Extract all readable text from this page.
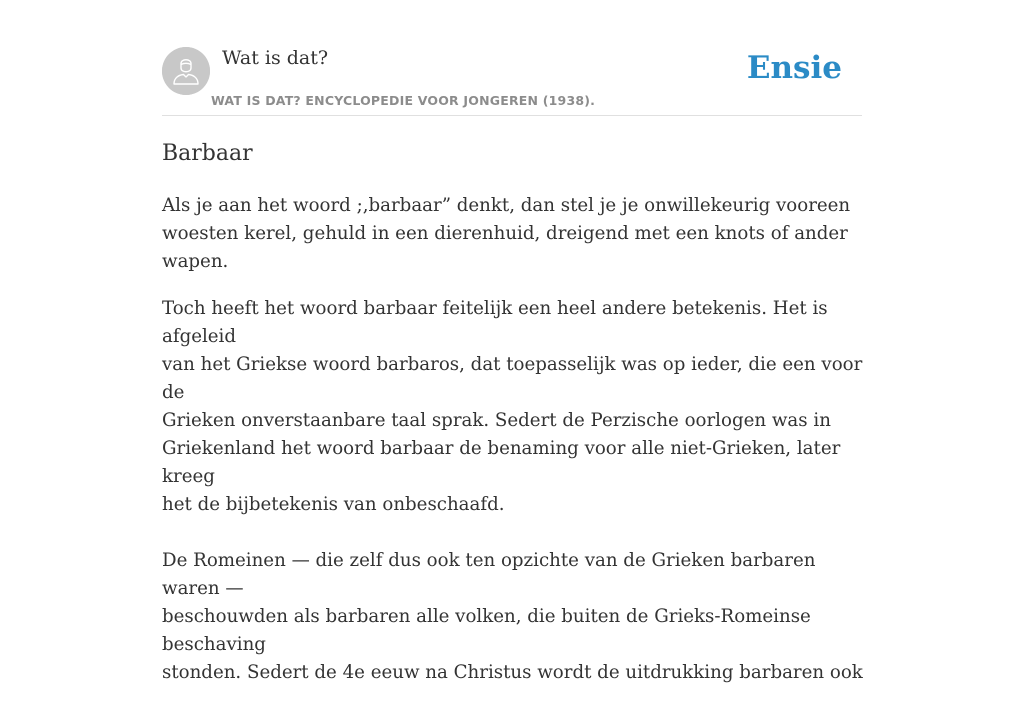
Wat is dat?
WAT IS DAT? ENCYCLOPEDIE VOOR JONGEREN (1938).
Ensie
Barbaar

Als je aan het woord ;,barbaar” denkt, dan stel je je onwillekeurig vooreen
woesten kerel, gehuld in een dierenhuid, dreigend met een knots of ander wapen.

Toch heeft het woord barbaar feitelijk een heel andere betekenis. Het is afgeleid
van het Griekse woord barbaros, dat toepasselijk was op ieder, die een voor de
Grieken onverstaanbare taal sprak. Sedert de Perzische oorlogen was in
Griekenland het woord barbaar de benaming voor alle niet-Grieken, later kreeg
het de bijbetekenis van onbeschaafd.

De Romeinen — die zelf dus ook ten opzichte van de Grieken barbaren waren —
beschouwden als barbaren alle volken, die buiten de Grieks-Romeinse beschaving
stonden. Sedert de 4e eeuw na Christus wordt de uitdrukking barbaren ook
